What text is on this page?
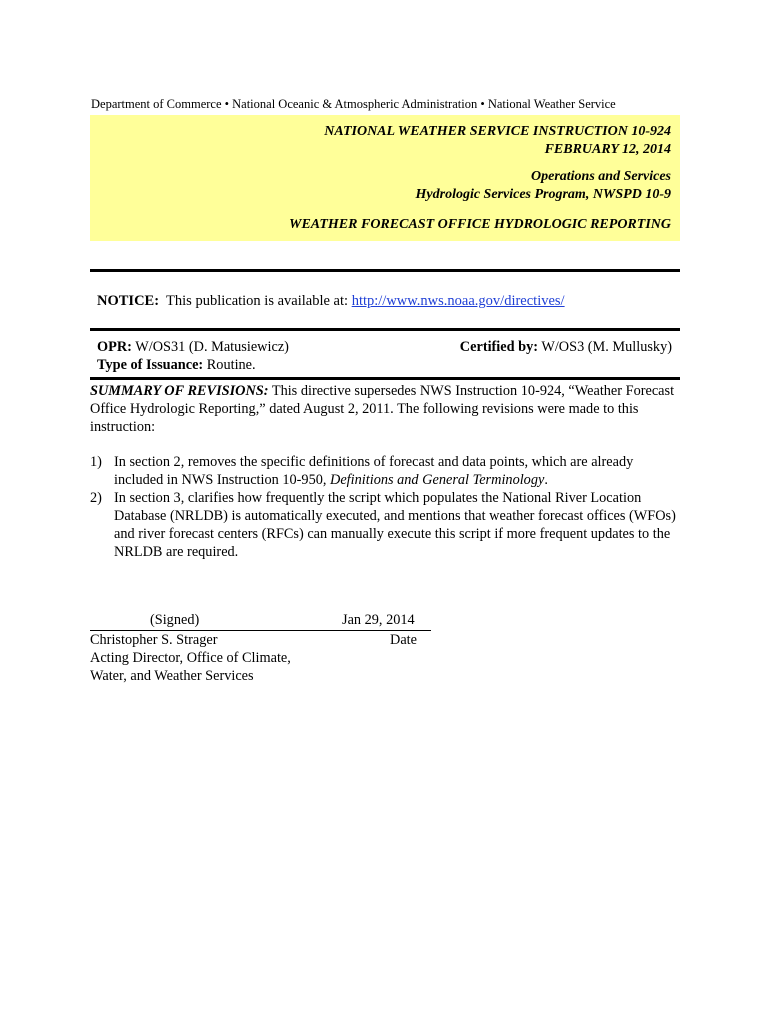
Department of Commerce • National Oceanic & Atmospheric Administration • National Weather Service
NATIONAL WEATHER SERVICE INSTRUCTION 10-924
FEBRUARY 12, 2014
Operations and Services
Hydrologic Services Program, NWSPD 10-9
WEATHER FORECAST OFFICE HYDROLOGIC REPORTING
NOTICE: This publication is available at: http://www.nws.noaa.gov/directives/
OPR: W/OS31 (D. Matusiewicz)	Certified by: W/OS3 (M. Mullusky)
Type of Issuance: Routine.
SUMMARY OF REVISIONS: This directive supersedes NWS Instruction 10-924, “Weather Forecast Office Hydrologic Reporting,” dated August 2, 2011. The following revisions were made to this instruction:
1) In section 2, removes the specific definitions of forecast and data points, which are already included in NWS Instruction 10-950, Definitions and General Terminology.
2) In section 3, clarifies how frequently the script which populates the National River Location Database (NRLDB) is automatically executed, and mentions that weather forecast offices (WFOs) and river forecast centers (RFCs) can manually execute this script if more frequent updates to the NRLDB are required.
(Signed)	Jan 29, 2014
Christopher S. Strager	Date
Acting Director, Office of Climate,
Water, and Weather Services
